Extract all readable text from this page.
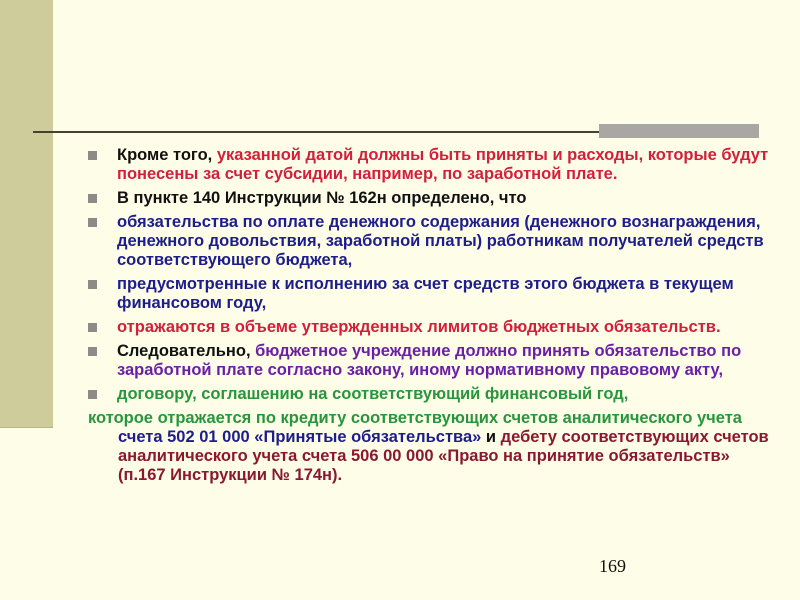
Кроме того, указанной датой должны быть приняты и расходы, которые будут понесены за счет субсидии, например, по заработной плате.
В пункте 140 Инструкции № 162н определено, что
обязательства по оплате денежного содержания (денежного вознаграждения, денежного довольствия, заработной платы) работникам получателей средств соответствующего бюджета,
предусмотренные к исполнению за счет средств этого бюджета в текущем финансовом году,
отражаются в объеме утвержденных лимитов бюджетных обязательств.
Следовательно, бюджетное учреждение должно принять обязательство по заработной плате согласно закону, иному нормативному правовому акту,
договору, соглашению на соответствующий финансовый год,
которое отражается по кредиту соответствующих счетов аналитического учета счета 502 01 000 «Принятые обязательства» и дебету соответствующих счетов аналитического учета счета 506 00 000 «Право на принятие обязательств» (п.167 Инструкции № 174н).
169
